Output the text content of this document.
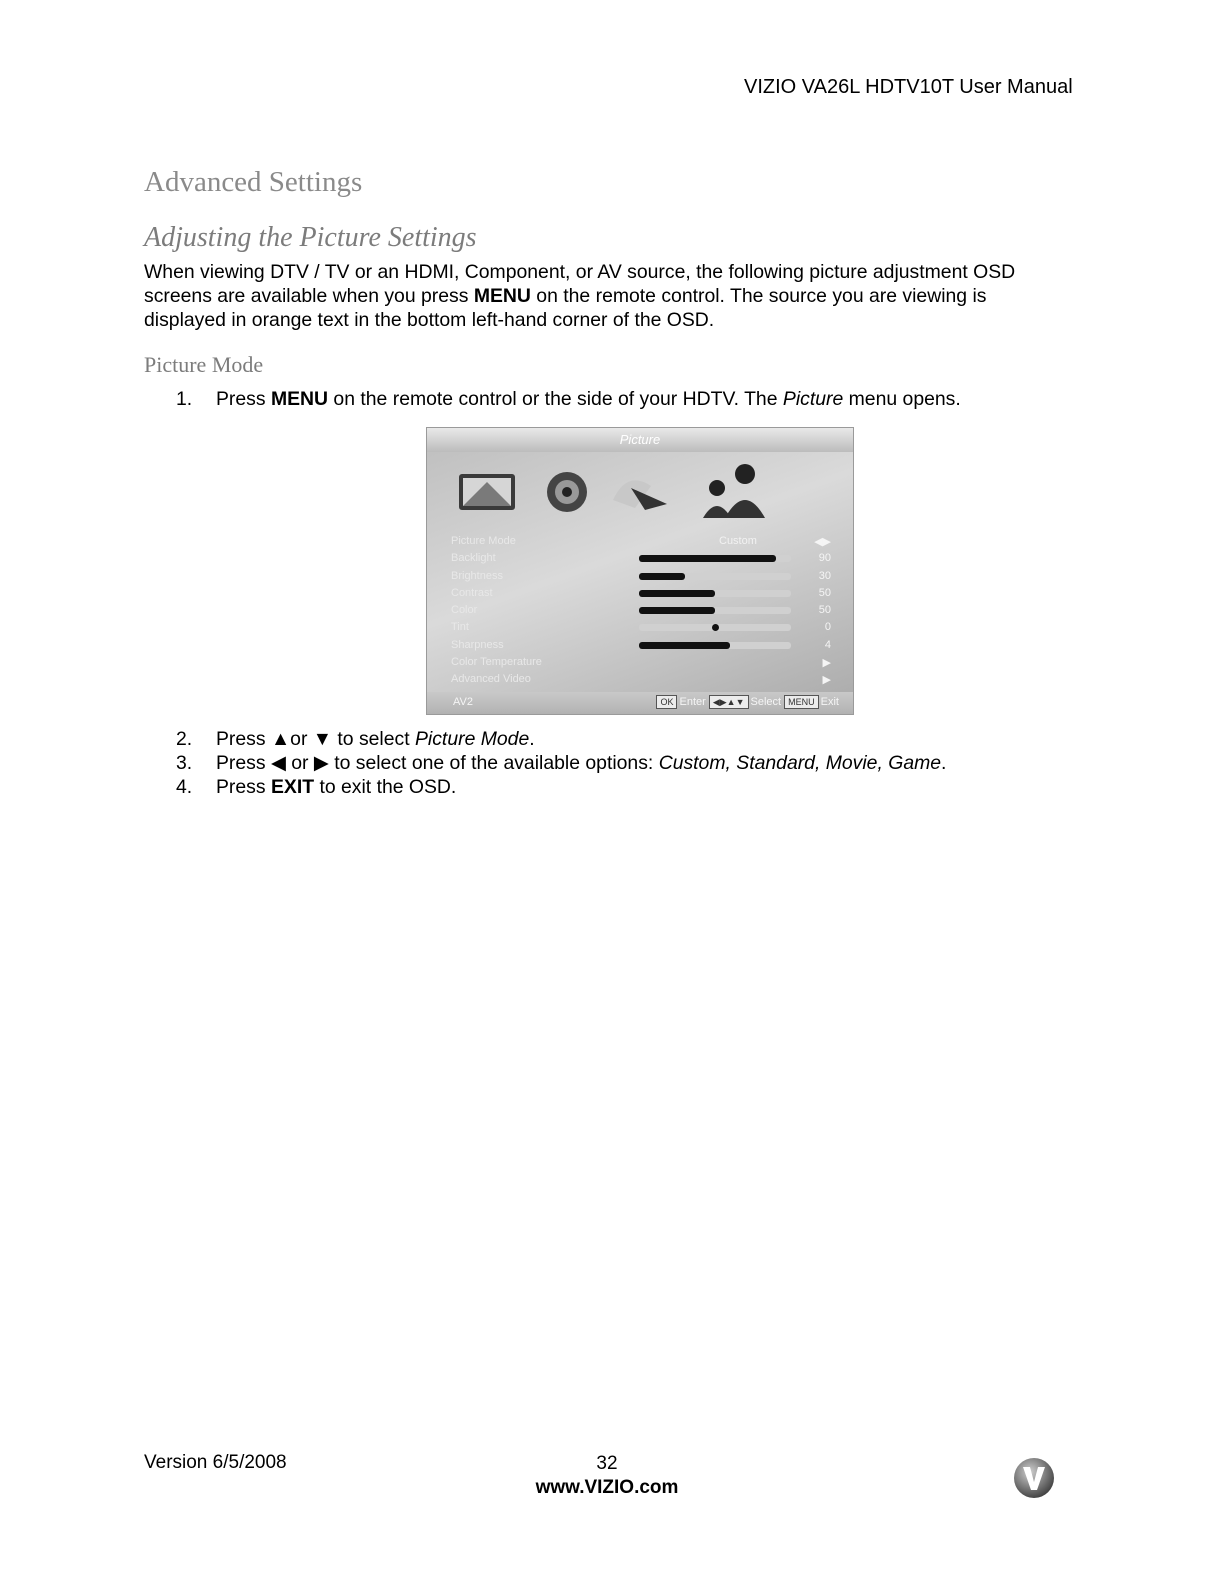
VIZIO VA26L HDTV10T User Manual
Advanced Settings
Adjusting the Picture Settings

When viewing DTV / TV or an HDMI, Component, or AV source, the following picture adjustment OSD screens are available when you press MENU on the remote control. The source you are viewing is displayed in orange text in the bottom left-hand corner of the OSD.

Picture Mode
1. Press MENU on the remote control or the side of your HDTV. The Picture menu opens.
Picture
Picture Mode	Custom	◀▶
Backlight	90
Brightness	30
Contrast	50
Color	50
Tint	0
Sharpness	4
Color Temperature	▶
Advanced Video	▶
AV2	OK Enter ◀▶▲▼ Select MENU Exit
2. Press ▲or ▼ to select Picture Mode.
3. Press ◀ or ▶ to select one of the available options: Custom, Standard, Movie, Game.
4. Press EXIT to exit the OSD.
Version 6/5/2008	32
www.VIZIO.com
